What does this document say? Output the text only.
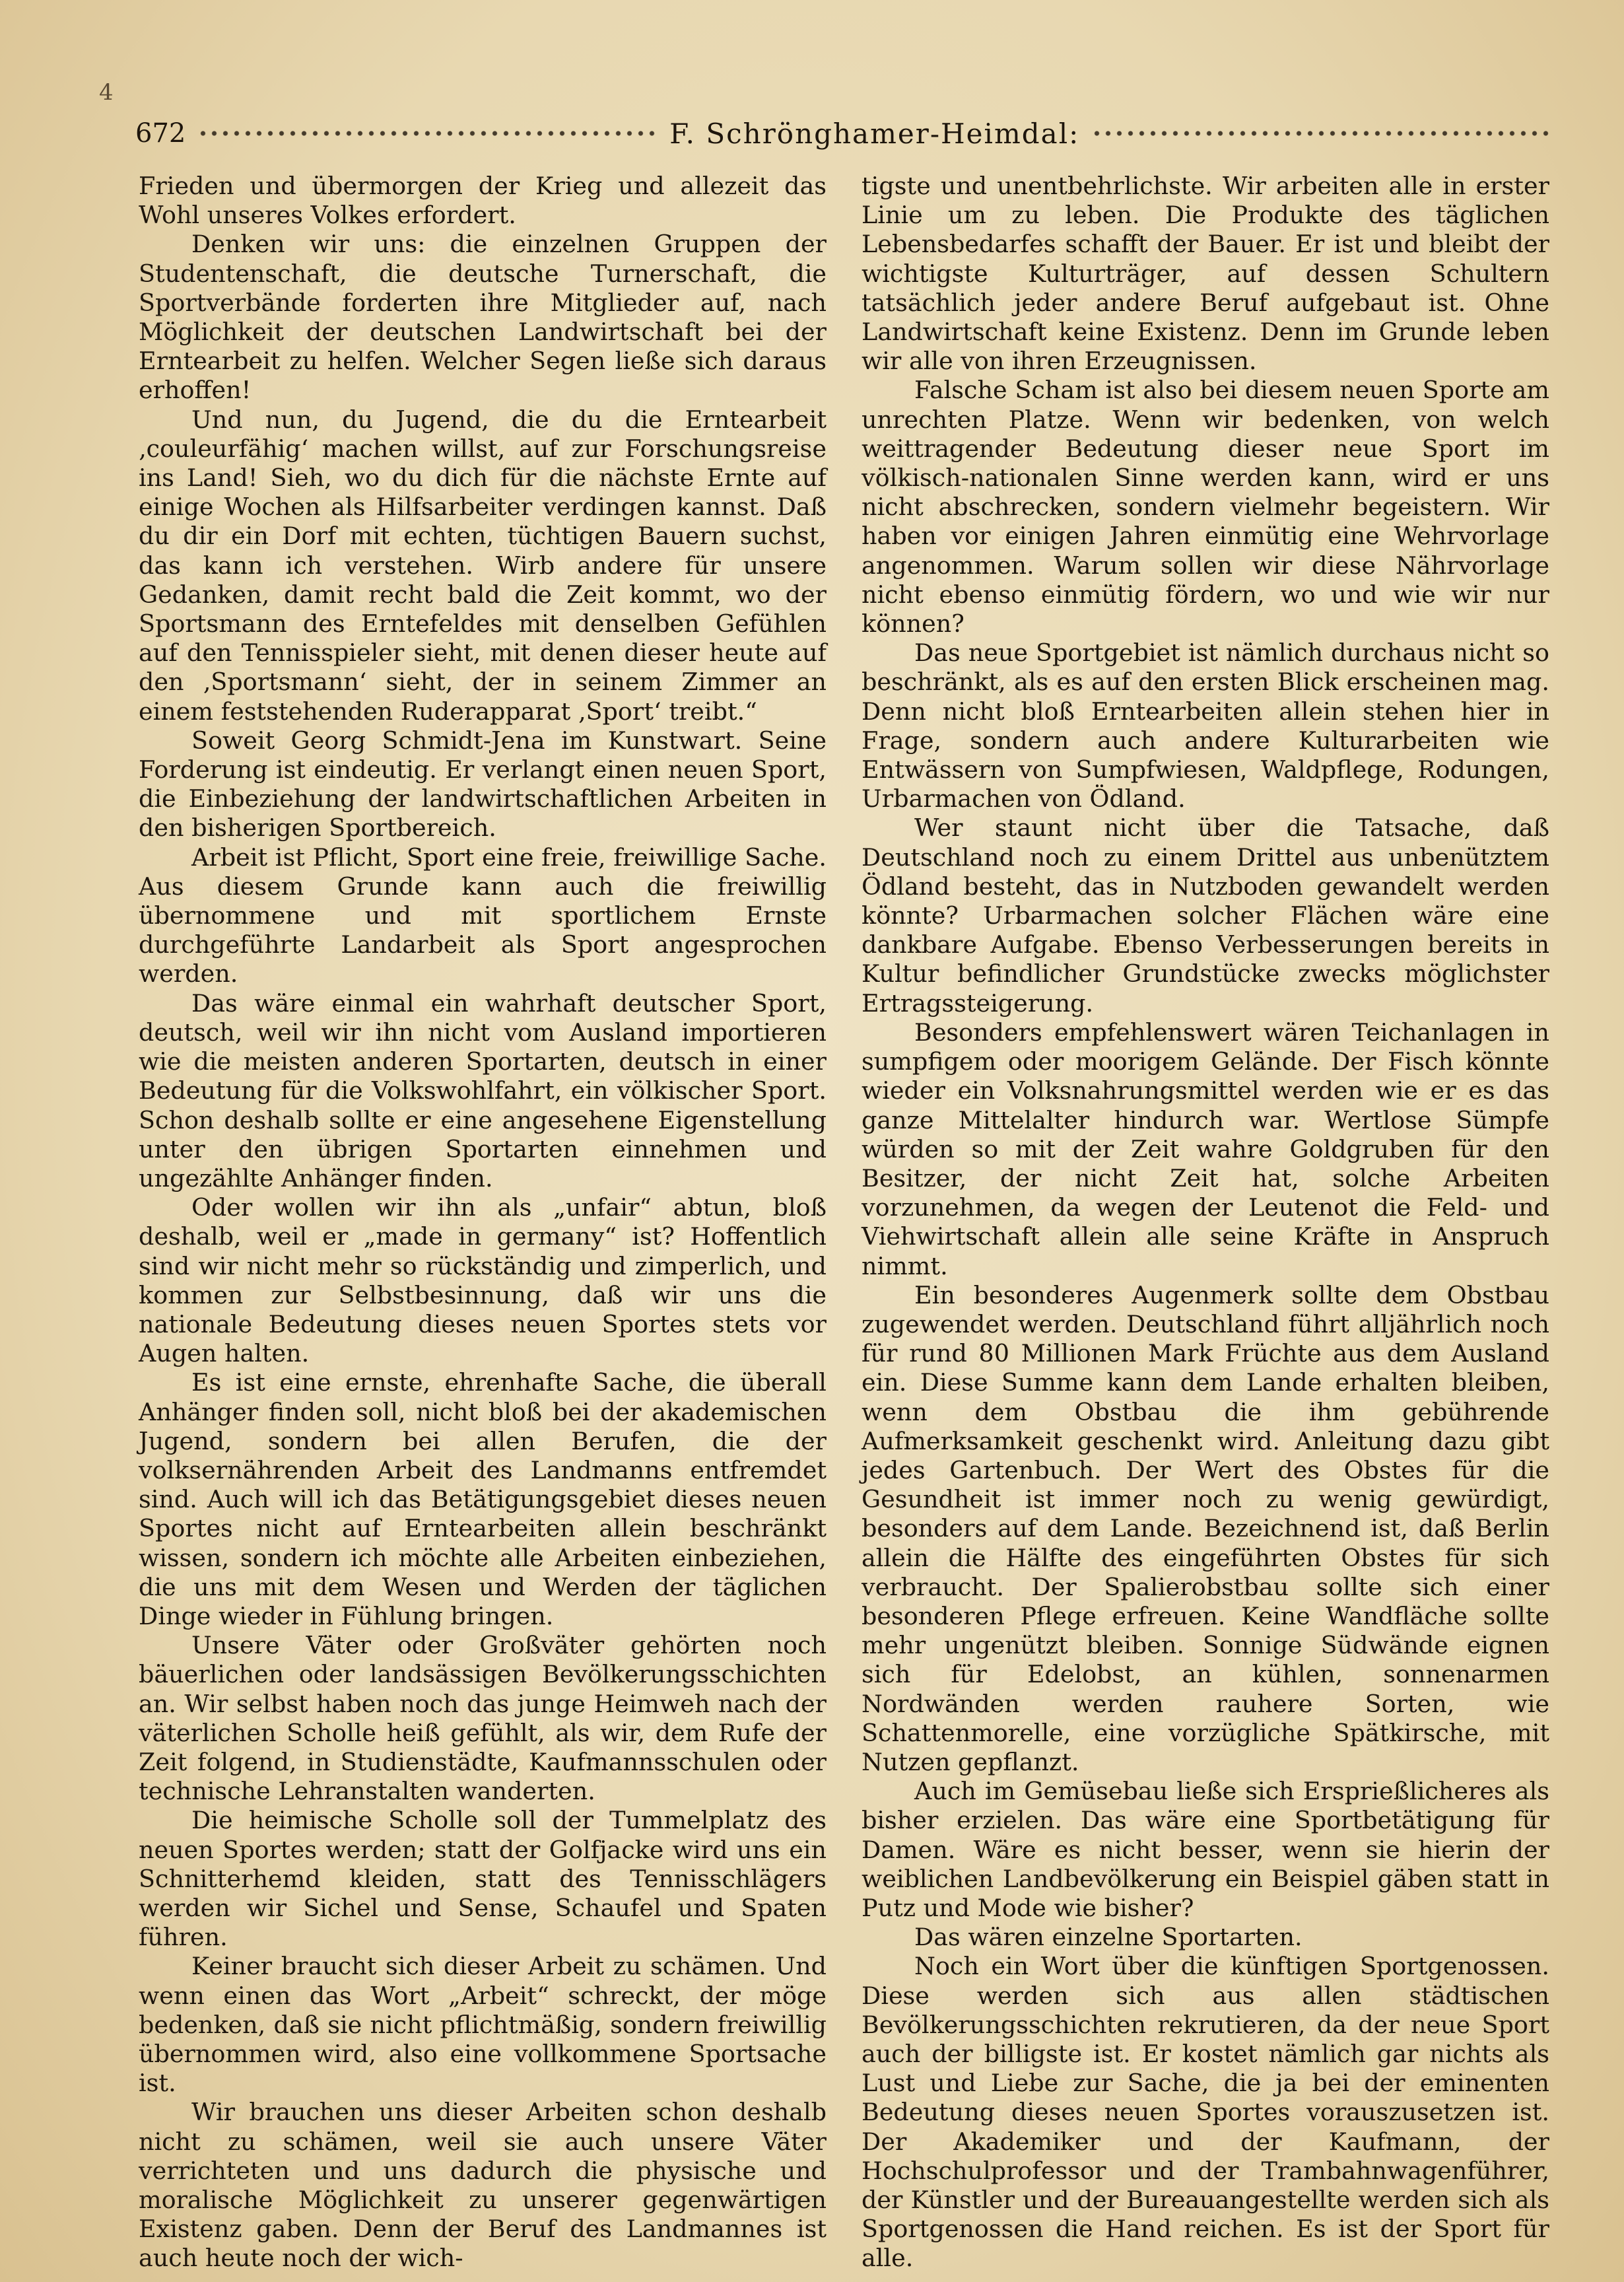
4
672	F. Schrönghamer-Heimdal:

Frieden und übermorgen der Krieg und allezeit das Wohl unseres Volkes erfordert.

Denken wir uns: die einzelnen Gruppen der Studentenschaft, die deutsche Turnerschaft, die Sportverbände forderten ihre Mitglieder auf, nach Möglichkeit der deutschen Landwirtschaft bei der Erntearbeit zu helfen. Welcher Segen ließe sich daraus erhoffen!

Und nun, du Jugend, die du die Erntearbeit ‚couleurfähig‘ machen willst, auf zur Forschungsreise ins Land! Sieh, wo du dich für die nächste Ernte auf einige Wochen als Hilfsarbeiter verdingen kannst. Daß du dir ein Dorf mit echten, tüchtigen Bauern suchst, das kann ich verstehen. Wirb andere für unsere Gedanken, damit recht bald die Zeit kommt, wo der Sportsmann des Erntefeldes mit denselben Gefühlen auf den Tennisspieler sieht, mit denen dieser heute auf den ‚Sportsmann‘ sieht, der in seinem Zimmer an einem feststehenden Ruderapparat ‚Sport‘ treibt.“

Soweit Georg Schmidt-Jena im Kunstwart. Seine Forderung ist eindeutig. Er verlangt einen neuen Sport, die Einbeziehung der landwirtschaftlichen Arbeiten in den bisherigen Sportbereich.

Arbeit ist Pflicht, Sport eine freie, freiwillige Sache. Aus diesem Grunde kann auch die freiwillig übernommene und mit sportlichem Ernste durchgeführte Landarbeit als Sport angesprochen werden.

Das wäre einmal ein wahrhaft deutscher Sport, deutsch, weil wir ihn nicht vom Ausland importieren wie die meisten anderen Sportarten, deutsch in einer Bedeutung für die Volkswohlfahrt, ein völkischer Sport. Schon deshalb sollte er eine angesehene Eigenstellung unter den übrigen Sportarten einnehmen und ungezählte Anhänger finden.

Oder wollen wir ihn als „unfair“ abtun, bloß deshalb, weil er „made in germany“ ist? Hoffentlich sind wir nicht mehr so rückständig und zimperlich, und kommen zur Selbstbesinnung, daß wir uns die nationale Bedeutung dieses neuen Sportes stets vor Augen halten.

Es ist eine ernste, ehrenhafte Sache, die überall Anhänger finden soll, nicht bloß bei der akademischen Jugend, sondern bei allen Berufen, die der volksernährenden Arbeit des Landmanns entfremdet sind. Auch will ich das Betätigungsgebiet dieses neuen Sportes nicht auf Erntearbeiten allein beschränkt wissen, sondern ich möchte alle Arbeiten einbeziehen, die uns mit dem Wesen und Werden der täglichen Dinge wieder in Fühlung bringen.

Unsere Väter oder Großväter gehörten noch bäuerlichen oder landsässigen Bevölkerungsschichten an. Wir selbst haben noch das junge Heimweh nach der väterlichen Scholle heiß gefühlt, als wir, dem Rufe der Zeit folgend, in Studienstädte, Kaufmannsschulen oder technische Lehranstalten wanderten.

Die heimische Scholle soll der Tummelplatz des neuen Sportes werden; statt der Golfjacke wird uns ein Schnitterhemd kleiden, statt des Tennisschlägers werden wir Sichel und Sense, Schaufel und Spaten führen.

Keiner braucht sich dieser Arbeit zu schämen. Und wenn einen das Wort „Arbeit“ schreckt, der möge bedenken, daß sie nicht pflichtmäßig, sondern freiwillig übernommen wird, also eine vollkommene Sportsache ist.

Wir brauchen uns dieser Arbeiten schon deshalb nicht zu schämen, weil sie auch unsere Väter verrichteten und uns dadurch die physische und moralische Möglichkeit zu unserer gegenwärtigen Existenz gaben. Denn der Beruf des Landmannes ist auch heute noch der wich-

tigste und unentbehrlichste. Wir arbeiten alle in erster Linie um zu leben. Die Produkte des täglichen Lebensbedarfes schafft der Bauer. Er ist und bleibt der wichtigste Kulturträger, auf dessen Schultern tatsächlich jeder andere Beruf aufgebaut ist. Ohne Landwirtschaft keine Existenz. Denn im Grunde leben wir alle von ihren Erzeugnissen.

Falsche Scham ist also bei diesem neuen Sporte am unrechten Platze. Wenn wir bedenken, von welch weittragender Bedeutung dieser neue Sport im völkisch-nationalen Sinne werden kann, wird er uns nicht abschrecken, sondern vielmehr begeistern. Wir haben vor einigen Jahren einmütig eine Wehrvorlage angenommen. Warum sollen wir diese Nährvorlage nicht ebenso einmütig fördern, wo und wie wir nur können?

Das neue Sportgebiet ist nämlich durchaus nicht so beschränkt, als es auf den ersten Blick erscheinen mag. Denn nicht bloß Erntearbeiten allein stehen hier in Frage, sondern auch andere Kulturarbeiten wie Entwässern von Sumpfwiesen, Waldpflege, Rodungen, Urbarmachen von Ödland.

Wer staunt nicht über die Tatsache, daß Deutschland noch zu einem Drittel aus unbenütztem Ödland besteht, das in Nutzboden gewandelt werden könnte? Urbarmachen solcher Flächen wäre eine dankbare Aufgabe. Ebenso Verbesserungen bereits in Kultur befindlicher Grundstücke zwecks möglichster Ertragssteigerung.

Besonders empfehlenswert wären Teichanlagen in sumpfigem oder moorigem Gelände. Der Fisch könnte wieder ein Volksnahrungsmittel werden wie er es das ganze Mittelalter hindurch war. Wertlose Sümpfe würden so mit der Zeit wahre Goldgruben für den Besitzer, der nicht Zeit hat, solche Arbeiten vorzunehmen, da wegen der Leutenot die Feld- und Viehwirtschaft allein alle seine Kräfte in Anspruch nimmt.

Ein besonderes Augenmerk sollte dem Obstbau zugewendet werden. Deutschland führt alljährlich noch für rund 80 Millionen Mark Früchte aus dem Ausland ein. Diese Summe kann dem Lande erhalten bleiben, wenn dem Obstbau die ihm gebührende Aufmerksamkeit geschenkt wird. Anleitung dazu gibt jedes Gartenbuch. Der Wert des Obstes für die Gesundheit ist immer noch zu wenig gewürdigt, besonders auf dem Lande. Bezeichnend ist, daß Berlin allein die Hälfte des eingeführten Obstes für sich verbraucht. Der Spalierobstbau sollte sich einer besonderen Pflege erfreuen. Keine Wandfläche sollte mehr ungenützt bleiben. Sonnige Südwände eignen sich für Edelobst, an kühlen, sonnenarmen Nordwänden werden rauhere Sorten, wie Schattenmorelle, eine vorzügliche Spätkirsche, mit Nutzen gepflanzt.

Auch im Gemüsebau ließe sich Ersprießlicheres als bisher erzielen. Das wäre eine Sportbetätigung für Damen. Wäre es nicht besser, wenn sie hierin der weiblichen Landbevölkerung ein Beispiel gäben statt in Putz und Mode wie bisher?

Das wären einzelne Sportarten.

Noch ein Wort über die künftigen Sportgenossen. Diese werden sich aus allen städtischen Bevölkerungsschichten rekrutieren, da der neue Sport auch der billigste ist. Er kostet nämlich gar nichts als Lust und Liebe zur Sache, die ja bei der eminenten Bedeutung dieses neuen Sportes vorauszusetzen ist. Der Akademiker und der Kaufmann, der Hochschulprofessor und der Trambahnwagenführer, der Künstler und der Bureauangestellte werden sich als Sportgenossen die Hand reichen. Es ist der Sport für alle.
